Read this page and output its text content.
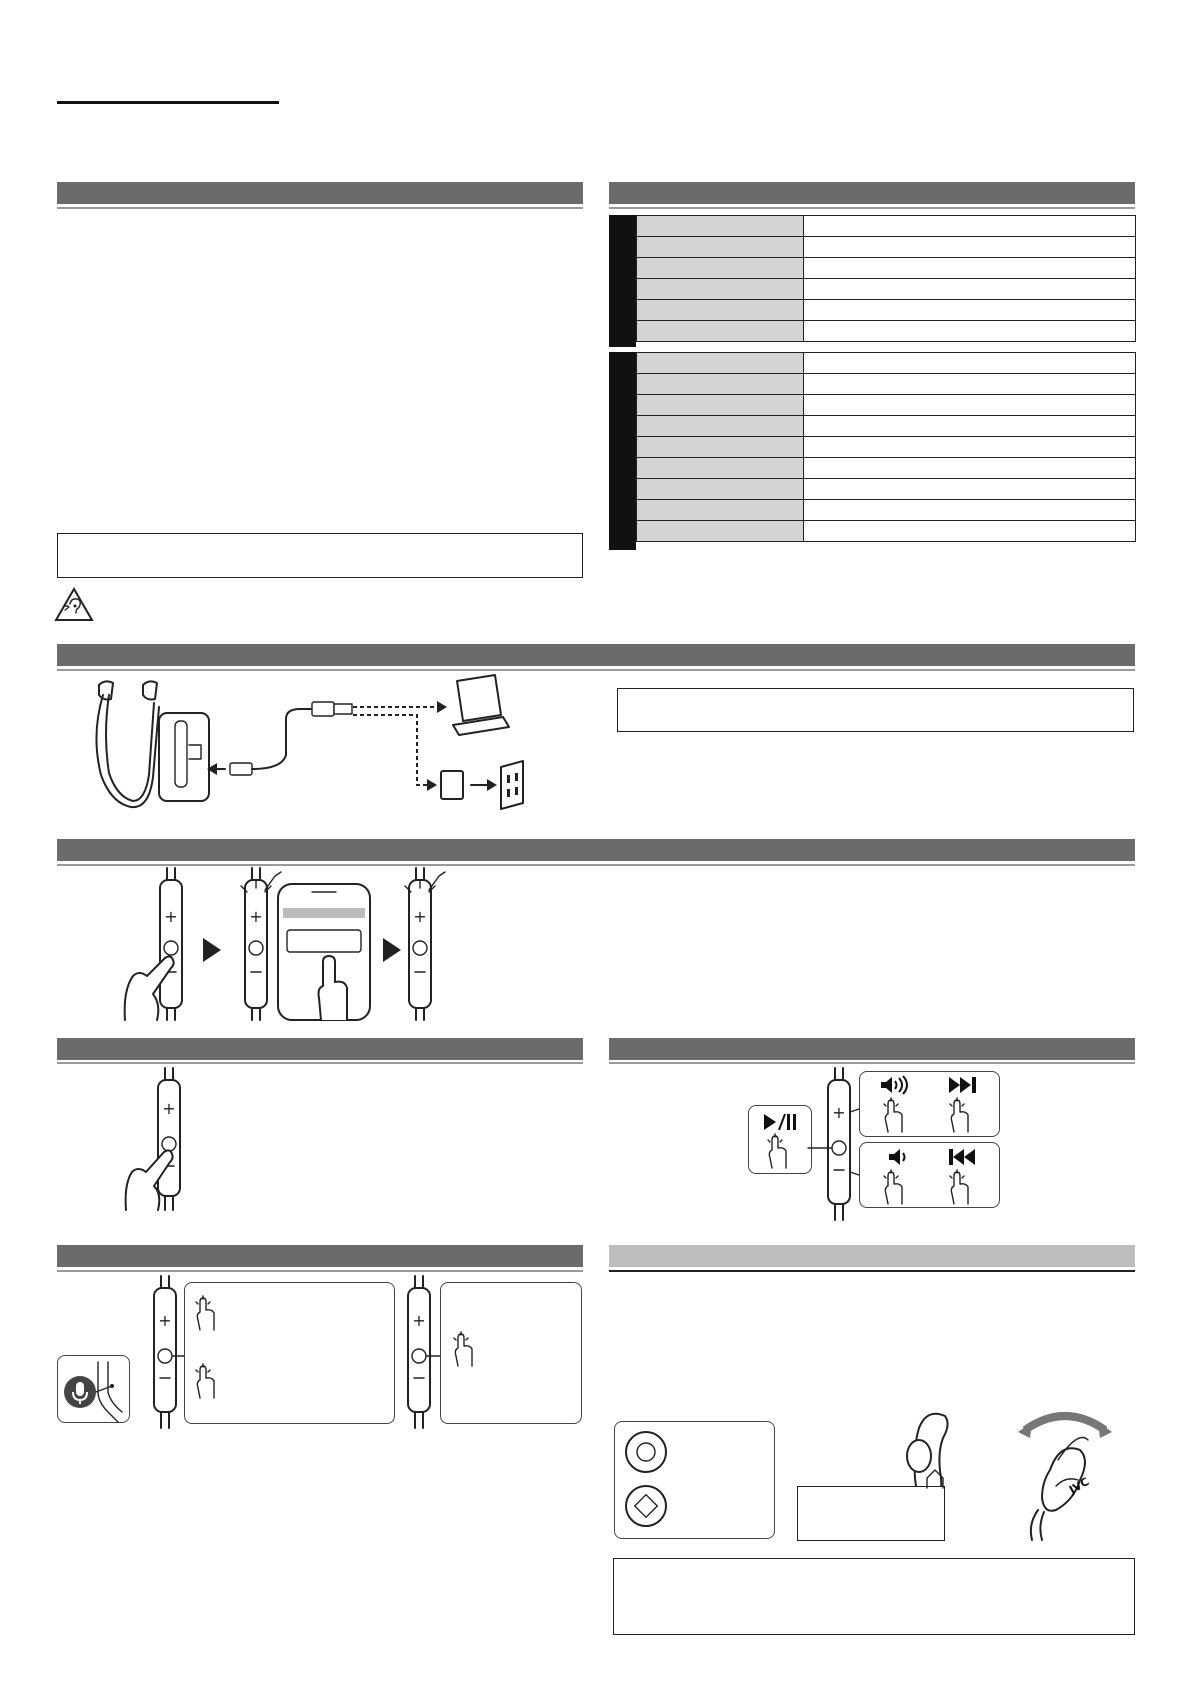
+	+	+
+	+
+	+
JVC
